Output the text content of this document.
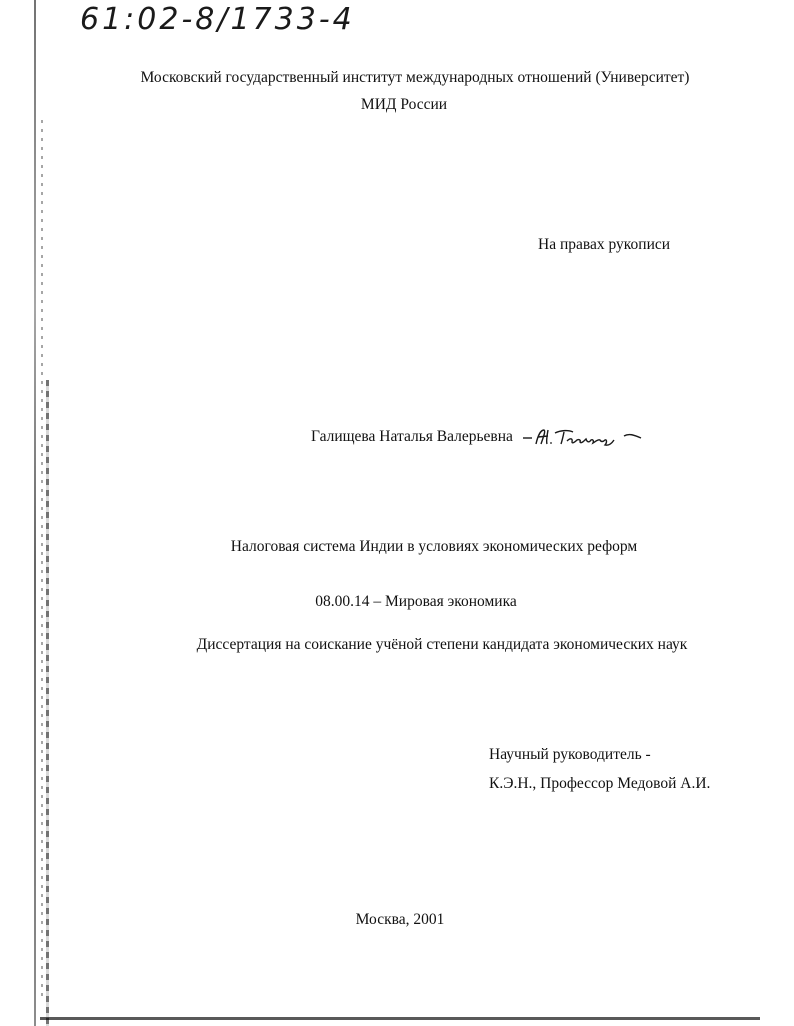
61:02-8/1733-4

Московский государственный институт международных отношений (Университет)

МИД России

На правах рукописи

Галищева Наталья Валерьевна

Налоговая система Индии в условиях экономических реформ

08.00.14 – Мировая экономика

Диссертация на соискание учёной степени кандидата экономических наук

Научный руководитель -

К.Э.Н., Профессор Медовой А.И.

Москва, 2001
